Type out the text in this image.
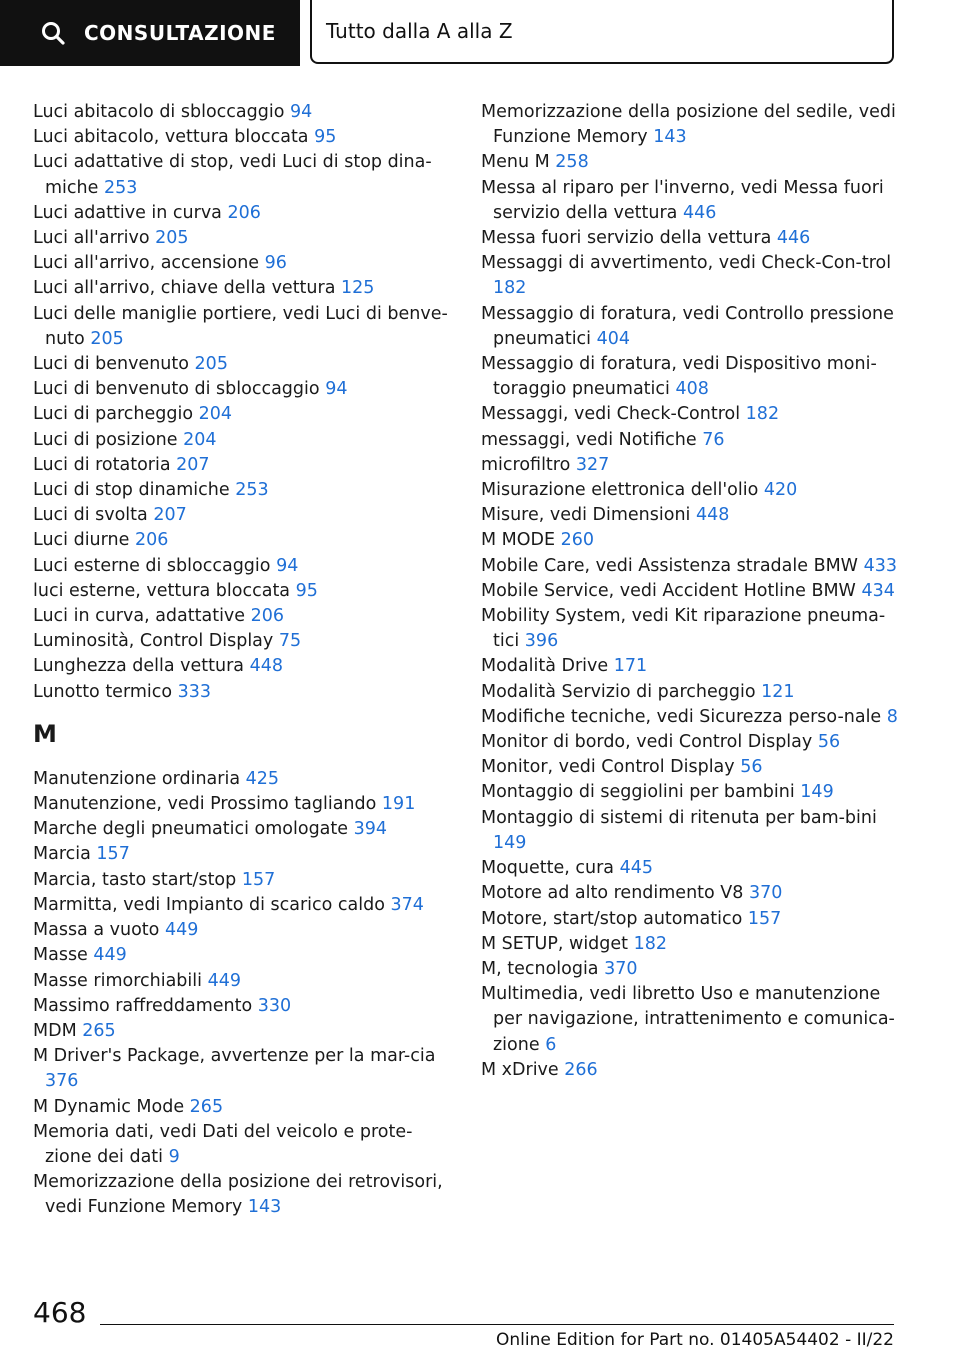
CONSULTAZIONE	Tutto dalla A alla Z
Luci abitacolo di sbloccaggio 94
Luci abitacolo, vettura bloccata 95
Luci adattative di stop, vedi Luci di stop dina-miche 253
Luci adattive in curva 206
Luci all'arrivo 205
Luci all'arrivo, accensione 96
Luci all'arrivo, chiave della vettura 125
Luci delle maniglie portiere, vedi Luci di benve-nuto 205
Luci di benvenuto 205
Luci di benvenuto di sbloccaggio 94
Luci di parcheggio 204
Luci di posizione 204
Luci di rotatoria 207
Luci di stop dinamiche 253
Luci di svolta 207
Luci diurne 206
Luci esterne di sbloccaggio 94
luci esterne, vettura bloccata 95
Luci in curva, adattative 206
Luminosità, Control Display 75
Lunghezza della vettura 448
Lunotto termico 333
M
Manutenzione ordinaria 425
Manutenzione, vedi Prossimo tagliando 191
Marche degli pneumatici omologate 394
Marcia 157
Marcia, tasto start/stop 157
Marmitta, vedi Impianto di scarico caldo 374
Massa a vuoto 449
Masse 449
Masse rimorchiabili 449
Massimo raffreddamento 330
MDM 265
M Driver's Package, avvertenze per la mar-cia 376
M Dynamic Mode 265
Memoria dati, vedi Dati del veicolo e prote-zione dei dati 9
Memorizzazione della posizione dei retrovisori, vedi Funzione Memory 143
Memorizzazione della posizione del sedile, vedi Funzione Memory 143
Menu M 258
Messa al riparo per l'inverno, vedi Messa fuori servizio della vettura 446
Messa fuori servizio della vettura 446
Messaggi di avvertimento, vedi Check-Con-trol 182
Messaggio di foratura, vedi Controllo pressione pneumatici 404
Messaggio di foratura, vedi Dispositivo moni-toraggio pneumatici 408
Messaggi, vedi Check-Control 182
messaggi, vedi Notifiche 76
microfiltro 327
Misurazione elettronica dell'olio 420
Misure, vedi Dimensioni 448
M MODE 260
Mobile Care, vedi Assistenza stradale BMW 433
Mobile Service, vedi Accident Hotline BMW 434
Mobility System, vedi Kit riparazione pneuma-tici 396
Modalità Drive 171
Modalità Servizio di parcheggio 121
Modifiche tecniche, vedi Sicurezza perso-nale 8
Monitor di bordo, vedi Control Display 56
Monitor, vedi Control Display 56
Montaggio di seggiolini per bambini 149
Montaggio di sistemi di ritenuta per bam-bini 149
Moquette, cura 445
Motore ad alto rendimento V8 370
Motore, start/stop automatico 157
M SETUP, widget 182
M, tecnologia 370
Multimedia, vedi libretto Uso e manutenzione per navigazione, intrattenimento e comunica-zione 6
M xDrive 266
468
Online Edition for Part no. 01405A54402 - II/22
